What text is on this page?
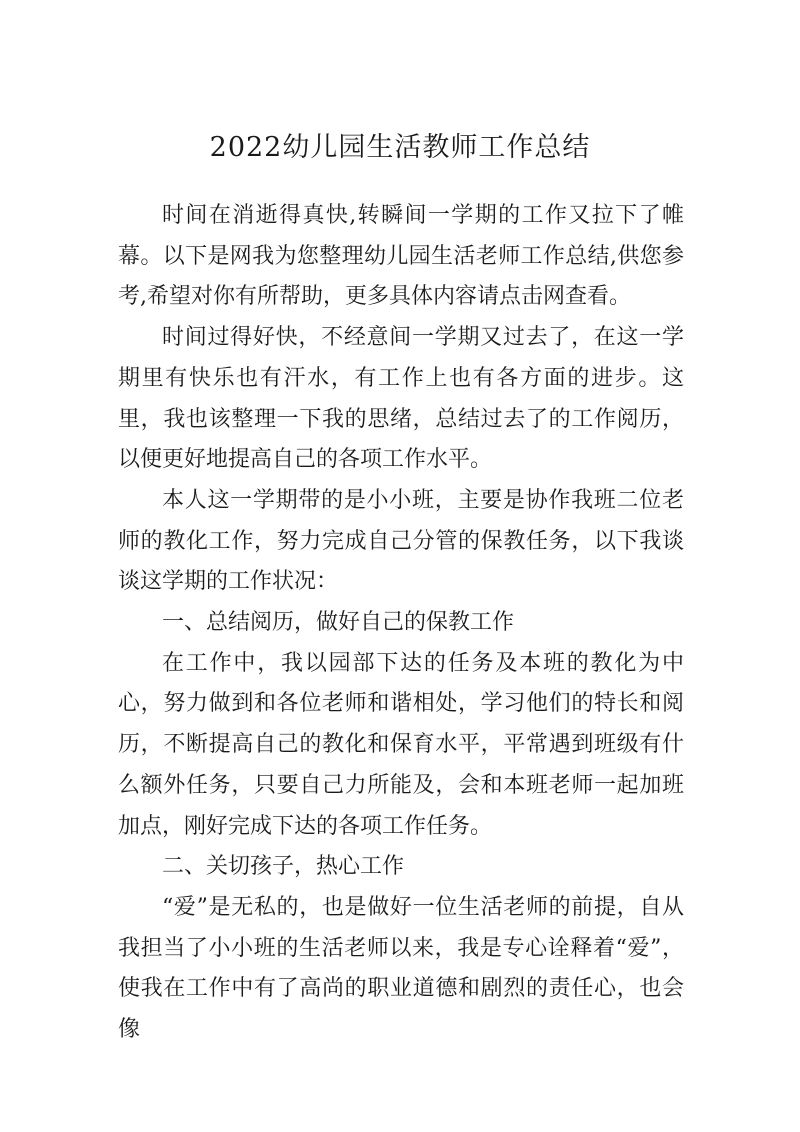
2022幼儿园生活教师工作总结

时间在消逝得真快,转瞬间一学期的工作又拉下了帷幕。以下是网我为您整理幼儿园生活老师工作总结,供您参考,希望对你有所帮助，更多具体内容请点击网查看。

时间过得好快，不经意间一学期又过去了，在这一学期里有快乐也有汗水，有工作上也有各方面的进步。这里，我也该整理一下我的思绪，总结过去了的工作阅历，以便更好地提高自己的各项工作水平。

本人这一学期带的是小小班，主要是协作我班二位老师的教化工作，努力完成自己分管的保教任务，以下我谈谈这学期的工作状况：

一、总结阅历，做好自己的保教工作

在工作中，我以园部下达的任务及本班的教化为中心，努力做到和各位老师和谐相处，学习他们的特长和阅历，不断提高自己的教化和保育水平，平常遇到班级有什么额外任务，只要自己力所能及，会和本班老师一起加班加点，刚好完成下达的各项工作任务。

二、关切孩子，热心工作

“爱”是无私的，也是做好一位生活老师的前提，自从我担当了小小班的生活老师以来，我是专心诠释着“爱”，使我在工作中有了高尚的职业道德和剧烈的责任心，也会像
